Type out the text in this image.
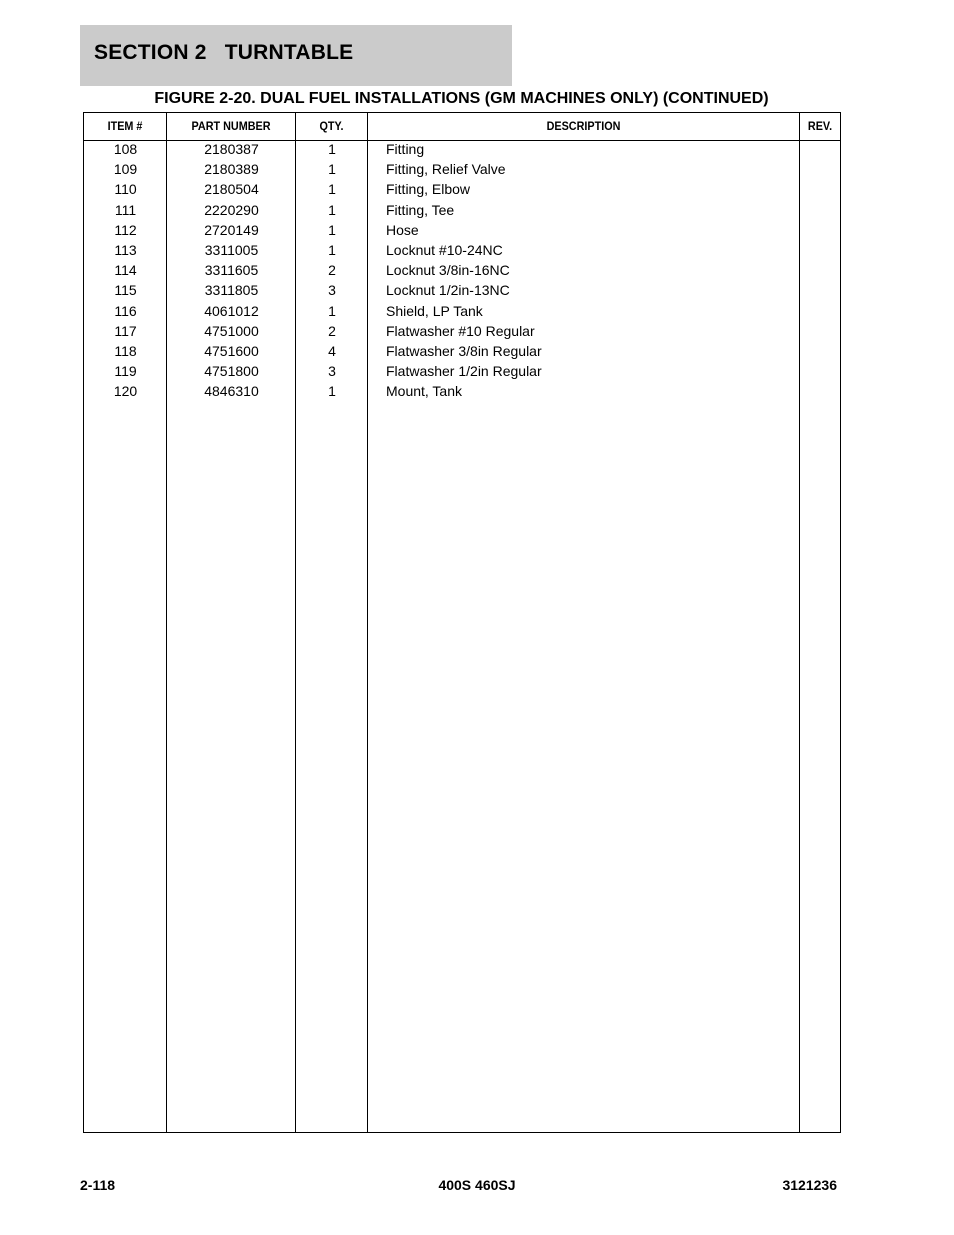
SECTION 2   TURNTABLE
FIGURE 2-20. DUAL FUEL INSTALLATIONS (GM MACHINES ONLY) (CONTINUED)
ITEM #	PART NUMBER	QTY.	DESCRIPTION	REV.
108	2180387	1	Fitting
109	2180389	1	Fitting, Relief Valve
110	2180504	1	Fitting, Elbow
111	2220290	1	Fitting, Tee
112	2720149	1	Hose
113	3311005	1	Locknut #10-24NC
114	3311605	2	Locknut 3/8in-16NC
115	3311805	3	Locknut 1/2in-13NC
116	4061012	1	Shield, LP Tank
117	4751000	2	Flatwasher #10 Regular
118	4751600	4	Flatwasher 3/8in Regular
119	4751800	3	Flatwasher 1/2in Regular
120	4846310	1	Mount, Tank
2-118	400S 460SJ	3121236
